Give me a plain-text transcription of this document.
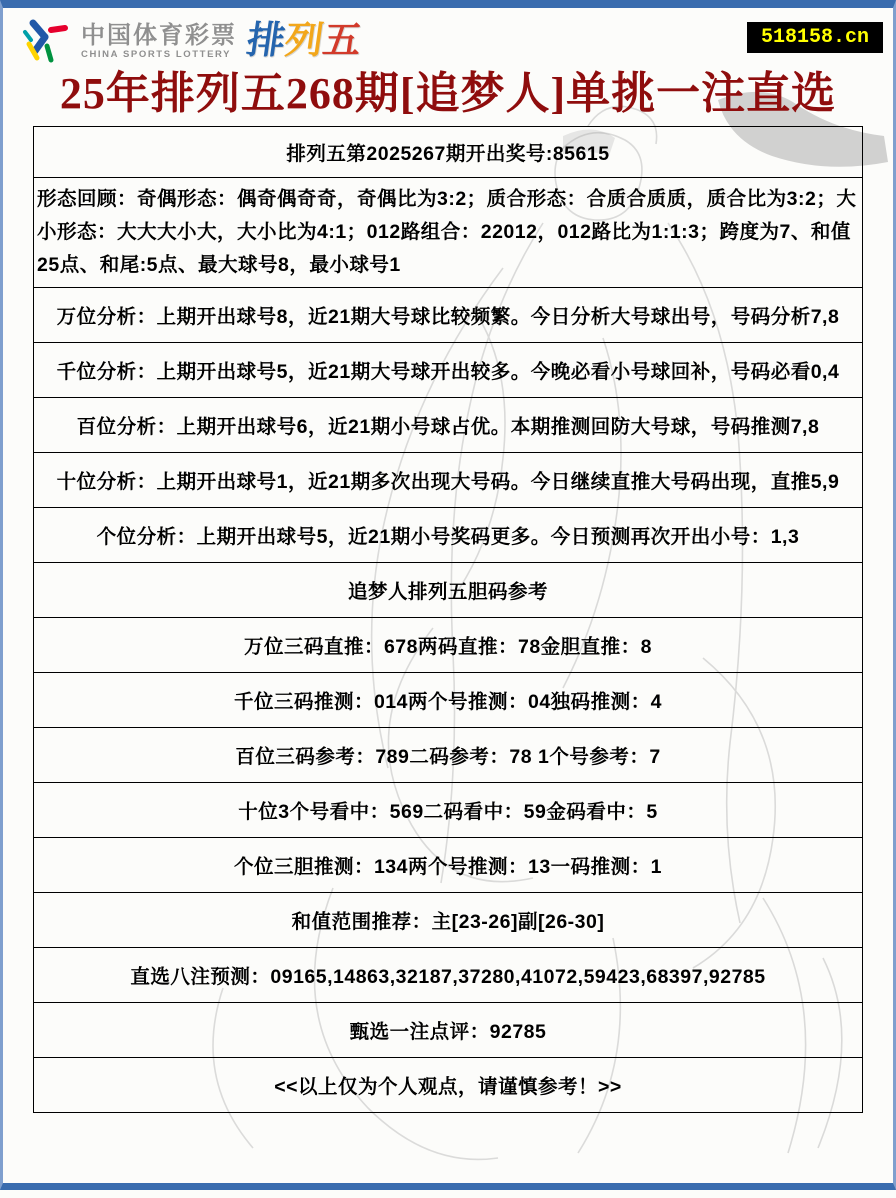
中国体育彩票
CHINA SPORTS LOTTERY 排
列
五	518158.cn
25年排列五268期[追梦人]单挑一注直选
排列五第2025267期开出奖号:85615
形态回顾：奇偶形态：偶奇偶奇奇，奇偶比为3:2；质合形态：合质合质质，质合比为3:2；大小形态：大大大小大，大小比为4:1；012路组合：22012，012路比为1:1:3；跨度为7、和值25点、和尾:5点、最大球号8，最小球号1
万位分析：上期开出球号8，近21期大号球比较频繁。今日分析大号球出号，号码分析7,8
千位分析：上期开出球号5，近21期大号球开出较多。今晚必看小号球回补，号码必看0,4
百位分析：上期开出球号6，近21期小号球占优。本期推测回防大号球，号码推测7,8
十位分析：上期开出球号1，近21期多次出现大号码。今日继续直推大号码出现，直推5,9
个位分析：上期开出球号5，近21期小号奖码更多。今日预测再次开出小号：1,3
追梦人排列五胆码参考
万位三码直推：678两码直推：78金胆直推：8
千位三码推测：014两个号推测：04独码推测：4
百位三码参考：789二码参考：78 1个号参考：7
十位3个号看中：569二码看中：59金码看中：5
个位三胆推测：134两个号推测：13一码推测：1
和值范围推荐：主[23-26]副[26-30]
直选八注预测：09165,14863,32187,37280,41072,59423,68397,92785
甄选一注点评：92785
<<以上仅为个人观点，请谨慎参考！>>
